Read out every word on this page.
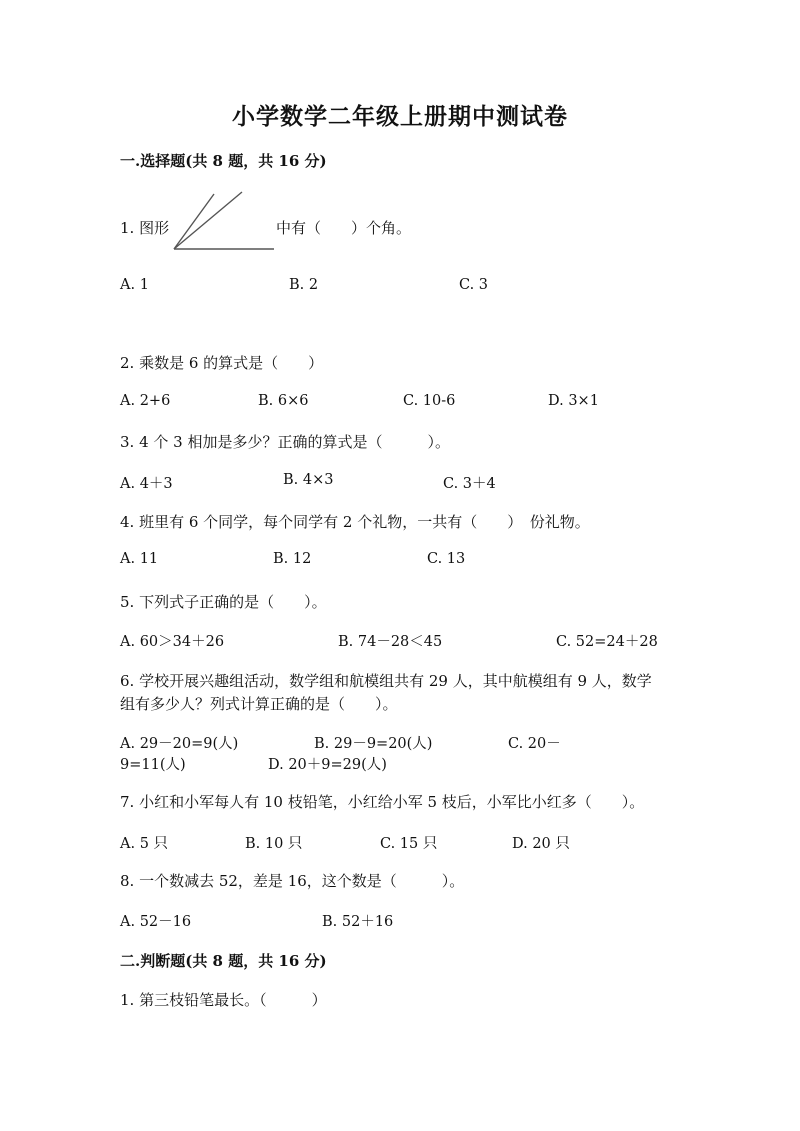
小学数学二年级上册期中测试卷
一.选择题(共 8 题，共 16 分)
1. 图形	中有（　　）个角。
A. 1	B. 2	C. 3
2. 乘数是 6 的算式是（　　）
A. 2+6	B. 6×6	C. 10-6	D. 3×1
3. 4 个 3 相加是多少？正确的算式是（　　　）。
A. 4＋3	B. 4×3	C. 3＋4
4. 班里有 6 个同学，每个同学有 2 个礼物，一共有（　　）　份礼物。
A. 11	B. 12	C. 13
5. 下列式子正确的是（　　）。
A. 60＞34＋26	B. 74－28＜45	C. 52=24＋28
6. 学校开展兴趣组活动，数学组和航模组共有 29 人，其中航模组有 9 人，数学
组有多少人？列式计算正确的是（　　）。
A. 29－20=9(人)	B. 29－9=20(人)	C. 20－
9=11(人)	D. 20＋9=29(人)
7. 小红和小军每人有 10 枝铅笔，小红给小军 5 枝后，小军比小红多（　　）。
A. 5 只	B. 10 只	C. 15 只	D. 20 只
8. 一个数减去 52，差是 16，这个数是（　　　）。
A. 52－16	B. 52＋16
二.判断题(共 8 题，共 16 分)
1. 第三枝铅笔最长。（　　　）
